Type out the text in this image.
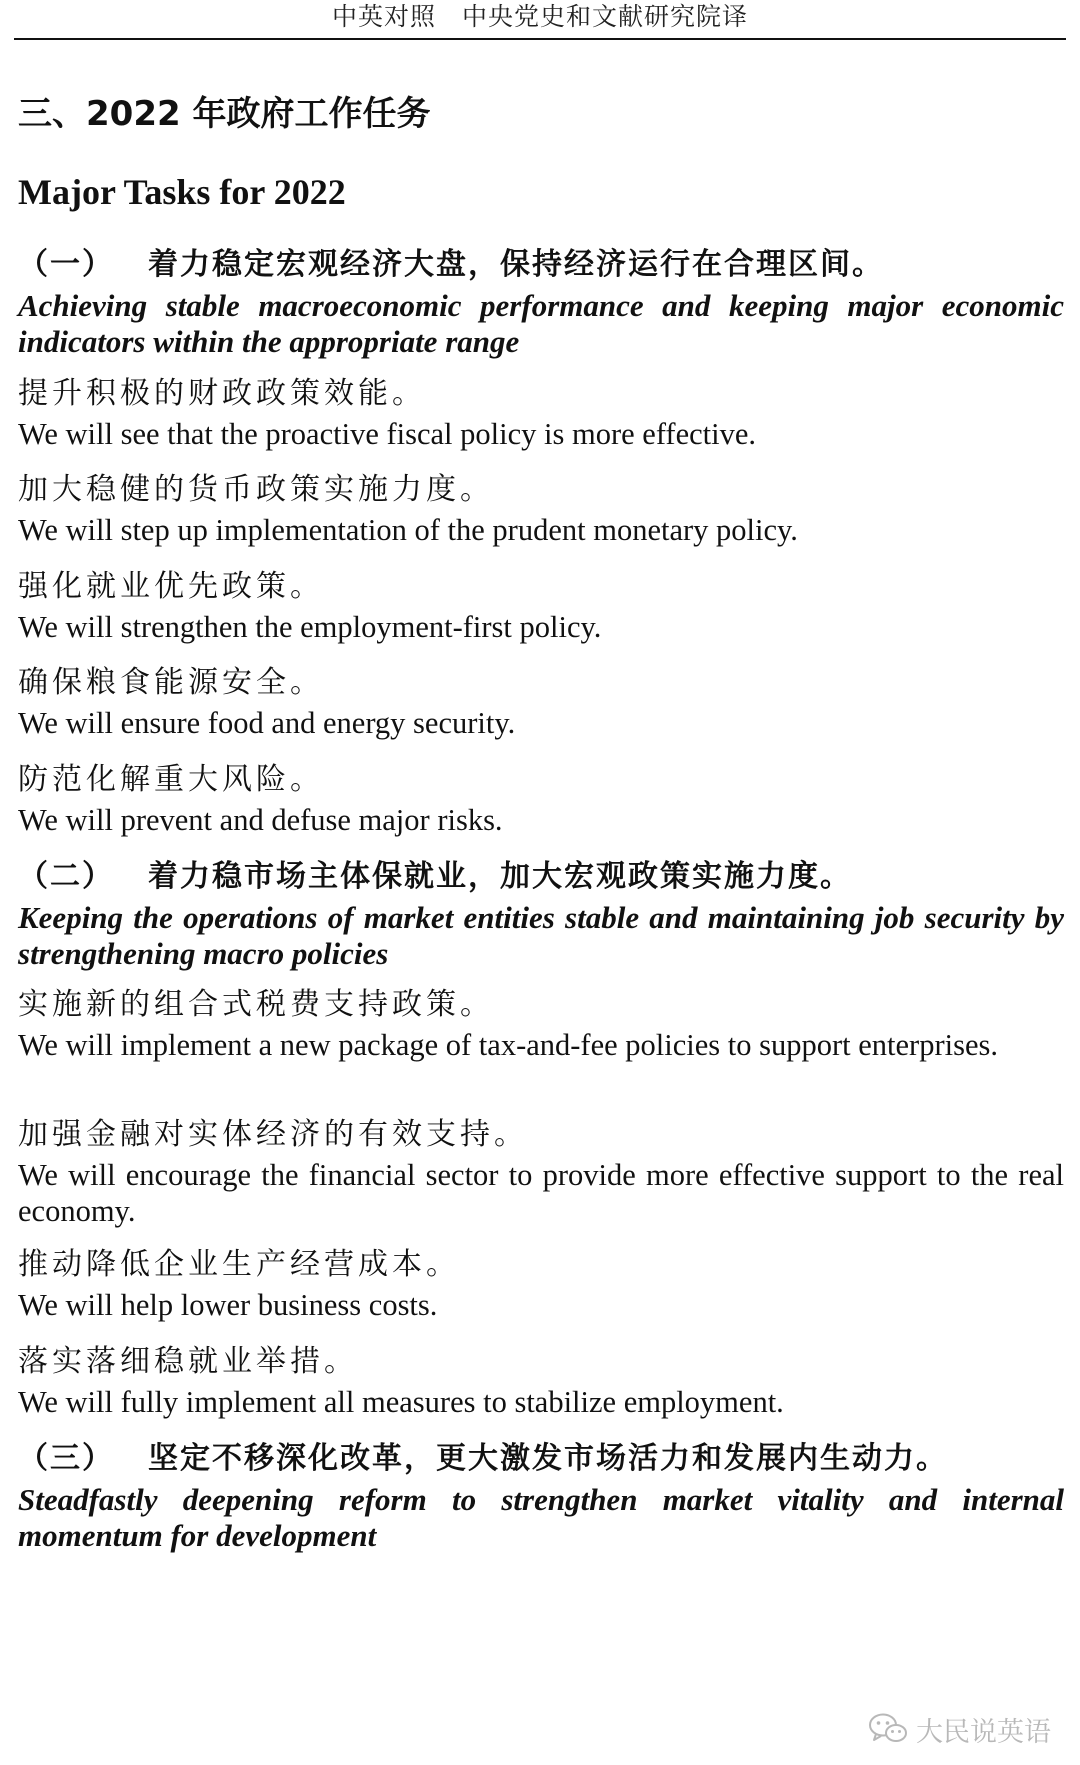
中英对照　中央党史和文献研究院译
三、2022 年政府工作任务
Major Tasks for 2022
（一） 着力稳定宏观经济大盘，保持经济运行在合理区间。
Achieving stable macroeconomic performance and keeping major economic indicators within the appropriate range
提升积极的财政政策效能。
We will see that the proactive fiscal policy is more effective.
加大稳健的货币政策实施力度。
We will step up implementation of the prudent monetary policy.
强化就业优先政策。
We will strengthen the employment-first policy.
确保粮食能源安全。
We will ensure food and energy security.
防范化解重大风险。
We will prevent and defuse major risks.
（二） 着力稳市场主体保就业，加大宏观政策实施力度。
Keeping the operations of market entities stable and maintaining job security by strengthening macro policies
实施新的组合式税费支持政策。
We will implement a new package of tax-and-fee policies to support enterprises.
加强金融对实体经济的有效支持。
We will encourage the financial sector to provide more effective support to the real economy.
推动降低企业生产经营成本。
We will help lower business costs.
落实落细稳就业举措。
We will fully implement all measures to stabilize employment.
（三） 坚定不移深化改革，更大激发市场活力和发展内生动力。
Steadfastly deepening reform to strengthen market vitality and internal momentum for development
大民说英语
